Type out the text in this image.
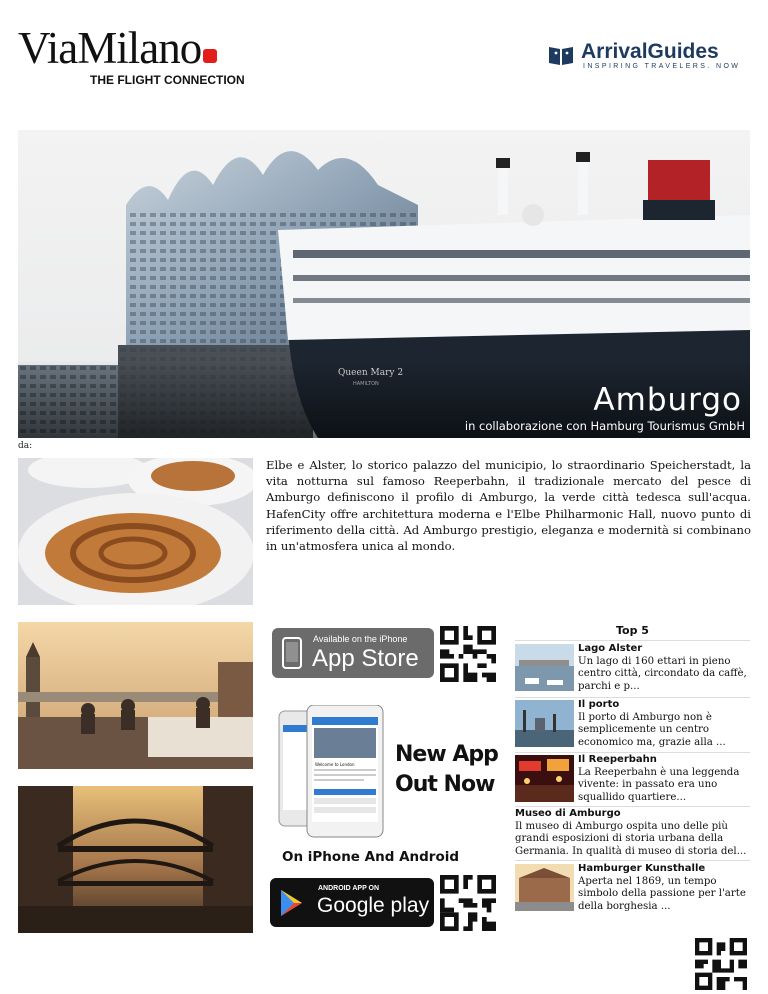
ViaMilano
THE FLIGHT CONNECTION
ArrivalGuides
INSPIRING TRAVELERS. NOW
Amburgo
in collaborazione con Hamburg Tourismus GmbH
da:
Elbe e Alster, lo storico palazzo del municipio, lo straordinario Speicherstadt, la vita notturna sul famoso Reeperbahn, il tradizionale mercato del pesce di Amburgo definiscono il profilo di Amburgo, la verde città tedesca sull'acqua. HafenCity offre architettura moderna e l'Elbe Philharmonic Hall, nuovo punto di riferimento della città. Ad Amburgo prestigio, eleganza e modernità si combinano in un'atmosfera unica al mondo.
Available on the iPhone
App Store
Welcome to London New App
Out Now
On iPhone And Android
ANDROID APP ON
Google play
Top 5
Lago Alster
Un lago di 160 ettari in pieno centro città, circondato da caffè, parchi e p...
Il porto
Il porto di Amburgo non è semplicemente un centro economico ma, grazie alla ...
Il Reeperbahn
La Reeperbahn è una leggenda vivente: in passato era uno squallido quartiere...
Museo di Amburgo
Il museo di Amburgo ospita uno delle più grandi esposizioni di storia urbana della Germania. In qualità di museo di storia del...
Hamburger Kunsthalle
Aperta nel 1869, un tempo simbolo della passione per l'arte della borghesia ...
